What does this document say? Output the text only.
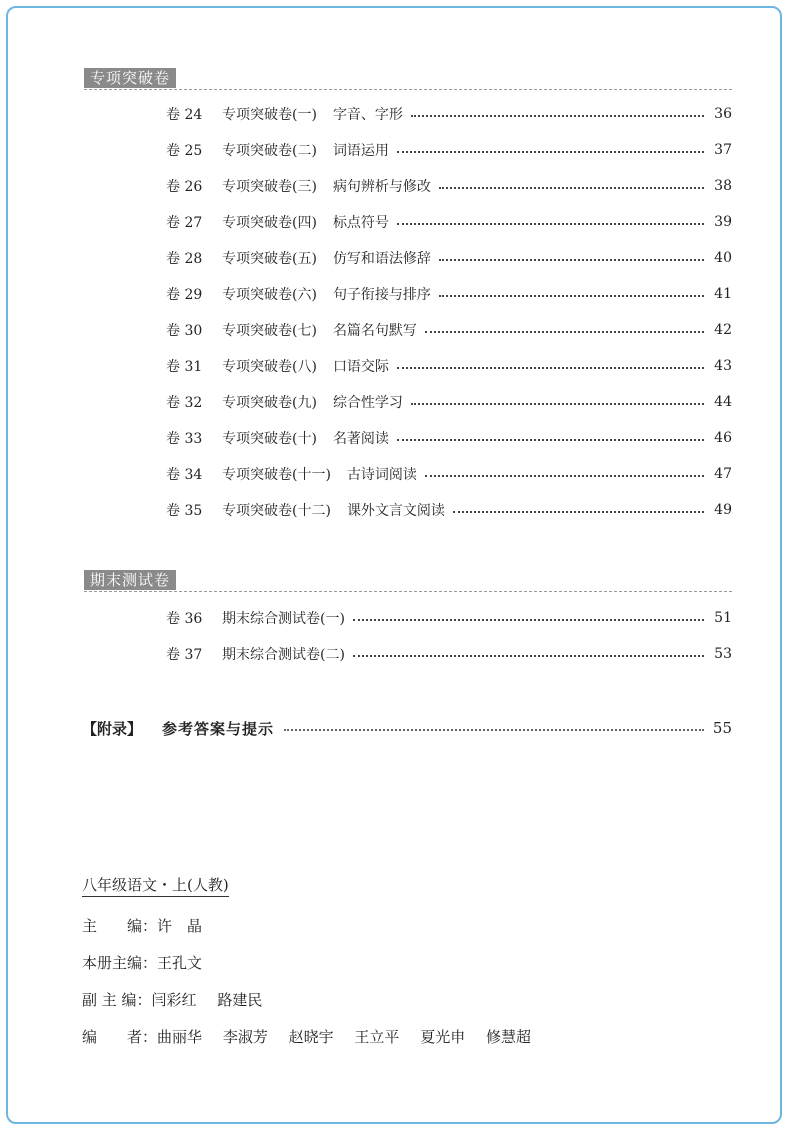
专项突破卷
卷 24	专项突破卷(一) 字音、字形	36
卷 25	专项突破卷(二) 词语运用	37
卷 26	专项突破卷(三) 病句辨析与修改	38
卷 27	专项突破卷(四) 标点符号	39
卷 28	专项突破卷(五) 仿写和语法修辞	40
卷 29	专项突破卷(六) 句子衔接与排序	41
卷 30	专项突破卷(七) 名篇名句默写	42
卷 31	专项突破卷(八) 口语交际	43
卷 32	专项突破卷(九) 综合性学习	44
卷 33	专项突破卷(十) 名著阅读	46
卷 34	专项突破卷(十一) 古诗词阅读	47
卷 35	专项突破卷(十二) 课外文言文阅读	49
期末测试卷
卷 36	期末综合测试卷(一)	51
卷 37	期末综合测试卷(二)	53
【附录】 参考答案与提示	55
八年级语文・上(人教)
主　　编： 许　晶
本册主编： 王孔文
副 主 编： 闫彩红 路建民
编　　者： 曲丽华 李淑芳 赵晓宇 王立平 夏光申 修慧超
